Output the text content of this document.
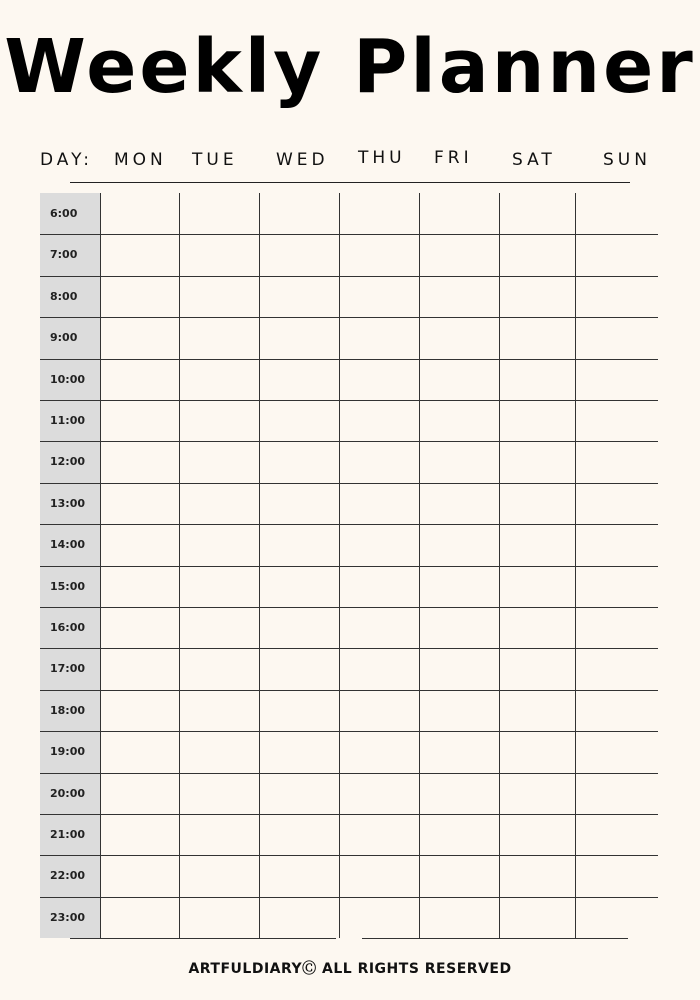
Weekly Planner
DAY: MON TUE WED THU FRI SAT	SUN
6:00
7:00
8:00
9:00
10:00
11:00
12:00
13:00
14:00
15:00
16:00
17:00
18:00
19:00
20:00
21:00
22:00
23:00
ARTFULDIARYⒸ ALL RIGHTS RESERVED
